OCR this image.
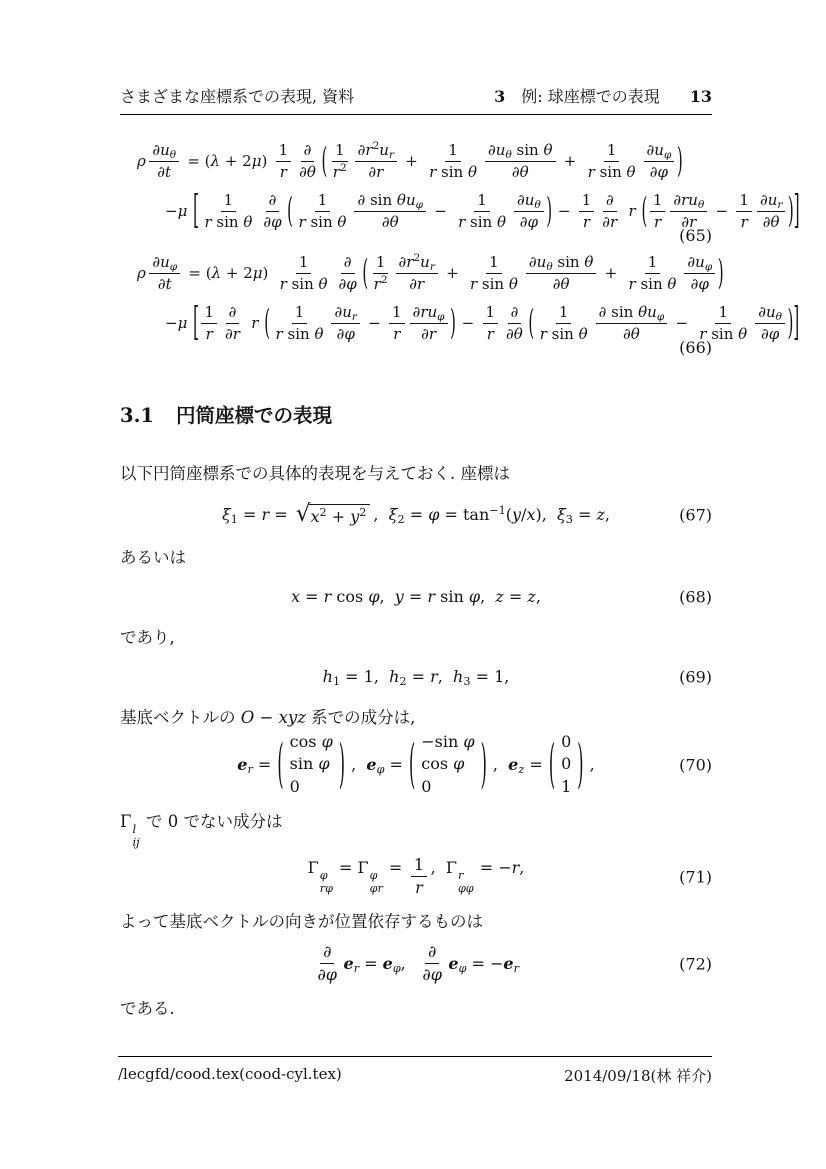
さまざまな座標系での表現, 資料	3 例: 球座標での表現 13
ρ $\frac{\partial u_\theta}{\partial t} = (\lambda + 2\mu) \frac{1}{r} \frac{\partial}{\partial\theta}$ ( $\frac{1}{r^2} \frac{\partial r^2u_r}{\partial r} + \frac{1}{\text{r sin θ}} \frac{\partial u_\theta \sin \theta}{\partial\theta} + \frac{1}{\text{r sin θ}} \frac{\partial u_\varphi}{\partial\varphi}$ )
−μ [ $\frac{1}{\text{r sin θ}} \frac{\partial}{\partial\varphi}$ ( $\frac{1}{\text{r sin θ}} \frac{\partial \sin \theta u_\varphi}{\partial\theta} - \frac{1}{\text{r sin θ}} \frac{\partial u_\theta}{\partial\varphi}$ ) − $\frac{1}{r} \frac{\partial}{\partial r}$ r ( $\frac{1}{r} \frac{\partial ru_\theta}{\partial r} - \frac{1}{r} \frac{\partial u_r}{\partial\theta}$ ) ]
(65)
ρ $\frac{\partial u_\varphi}{\partial t} = (\lambda + 2\mu) \frac{1}{\text{r sin θ}} \frac{\partial}{\partial\varphi}$ ( $\frac{1}{r^2} \frac{\partial r^2u_r}{\partial r} + \frac{1}{\text{r sin θ}} \frac{\partial u_\theta \sin \theta}{\partial\theta} + \frac{1}{\text{r sin θ}} \frac{\partial u_\varphi}{\partial\varphi}$ )
−μ [ $\frac{1}{r} \frac{\partial}{\partial r}$ r ( $\frac{1}{\text{r sin θ}} \frac{\partial u_r}{\partial\varphi} - \frac{1}{r} \frac{\partial ru_\varphi}{\partial r}$ ) − $\frac{1}{r} \frac{\partial}{\partial\theta}$ ( $\frac{1}{\text{r sin θ}} \frac{\partial \sin \theta u_\varphi}{\partial\theta} - \frac{1}{\text{r sin θ}} \frac{\partial u_\theta}{\partial\varphi}$ ) ]
(66)
3.1 円筒座標での表現

以下円筒座標系での具体的表現を与えておく. 座標は

$\xi_1 = r$ = √ $x^2 + y^2$ ,  $\xi_2 = \varphi = \tan^{-1}(y/x)$,  $\xi_3 = z$,	(67)

あるいは

x = r cos φ,  y = r sin φ,  z = z,	(68)

であり,

$h_1 = 1$,  $h_2 = r$,  $h_3 = 1$,	(69)

基底ベクトルの O − xyz 系での成分は,

$e_r$ = ( cos φ
sin φ
0 ) ,  $e_\varphi$ = ( −sin φ
cos φ
0	) ,  $e_z$ = ( 0
0
1 ) ,	(70)

Γ l
ij
で 0 でない成分は

Γ φ
rφ
= Γ φ
φr
= $\frac{1}{r}$ ,  Γ r
φφ
= −r,	(71)

よって基底ベクトルの向きが位置依存するものは

$\frac{\partial}{\partial\varphi} e_r = e_\varphi$, $\frac{\partial}{\partial\varphi} e_\varphi = -e_r$	(72)

である.

/lecgfd/cood.tex(cood-cyl.tex)	2014/09/18(林 祥介)
